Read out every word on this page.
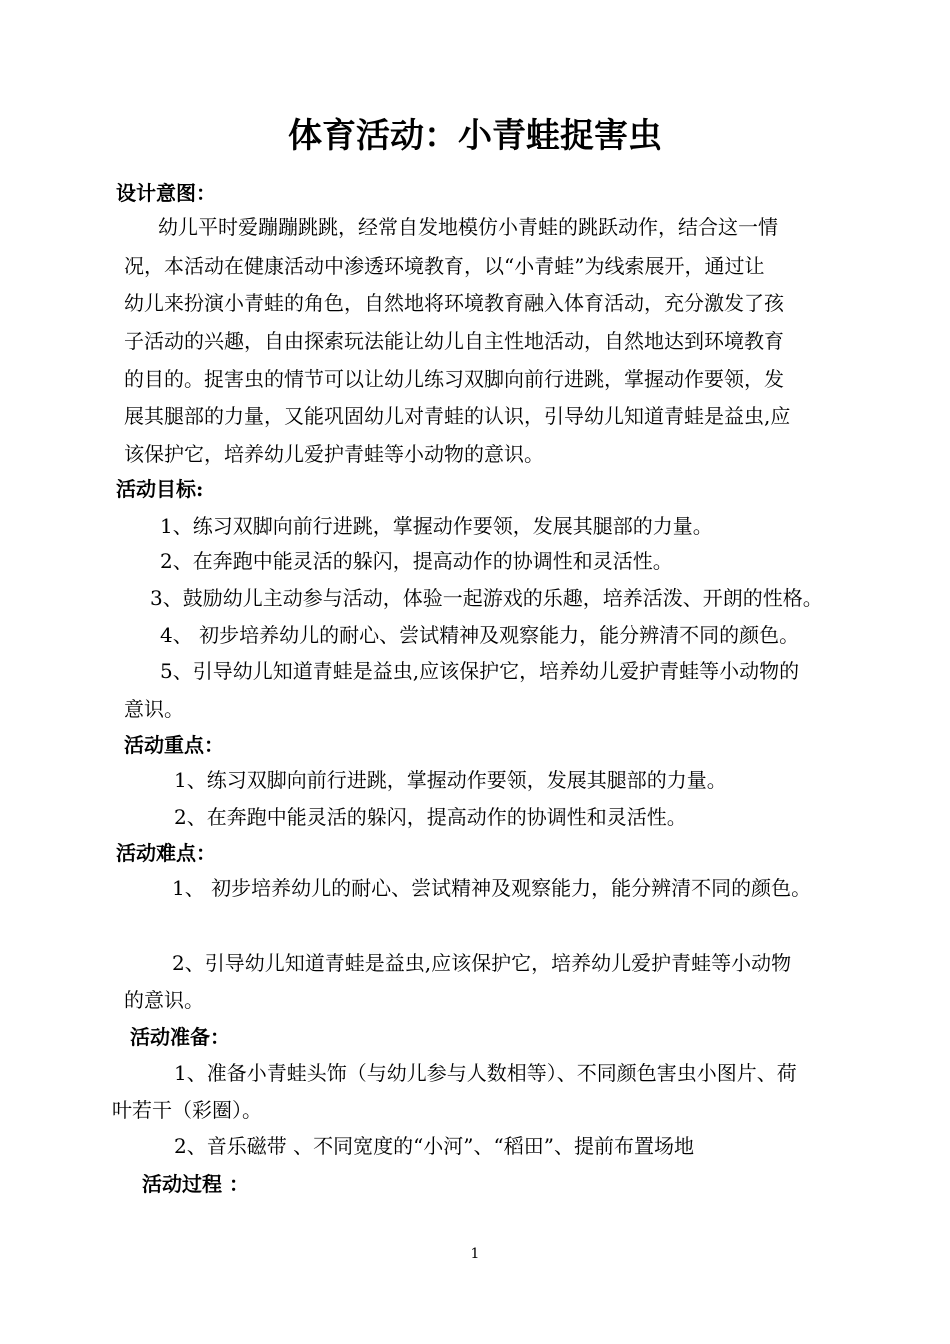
体育活动：小青蛙捉害虫
设计意图：
幼儿平时爱蹦蹦跳跳，经常自发地模仿小青蛙的跳跃动作，结合这一情
况，本活动在健康活动中渗透环境教育，以“小青蛙”为线索展开，通过让
幼儿来扮演小青蛙的角色，自然地将环境教育融入体育活动，充分激发了孩
子活动的兴趣，自由探索玩法能让幼儿自主性地活动，自然地达到环境教育
的目的。捉害虫的情节可以让幼儿练习双脚向前行进跳，掌握动作要领，发
展其腿部的力量，又能巩固幼儿对青蛙的认识，引导幼儿知道青蛙是益虫,应
该保护它，培养幼儿爱护青蛙等小动物的意识。
活动目标:
1、练习双脚向前行进跳，掌握动作要领，发展其腿部的力量。
2、在奔跑中能灵活的躲闪，提高动作的协调性和灵活性。
3、鼓励幼儿主动参与活动，体验一起游戏的乐趣，培养活泼、开朗的性格。
4、 初步培养幼儿的耐心、尝试精神及观察能力，能分辨清不同的颜色。
5、引导幼儿知道青蛙是益虫,应该保护它，培养幼儿爱护青蛙等小动物的
意识。
活动重点：
1、练习双脚向前行进跳，掌握动作要领，发展其腿部的力量。
2、在奔跑中能灵活的躲闪，提高动作的协调性和灵活性。
活动难点：
1、 初步培养幼儿的耐心、尝试精神及观察能力，能分辨清不同的颜色。
2、引导幼儿知道青蛙是益虫,应该保护它，培养幼儿爱护青蛙等小动物
的意识。
活动准备：
1、准备小青蛙头饰（与幼儿参与人数相等）、不同颜色害虫小图片、荷
叶若干（彩圈）。
2、音乐磁带 、不同宽度的“小河”、“稻田”、提前布置场地
活动过程 ：
1
